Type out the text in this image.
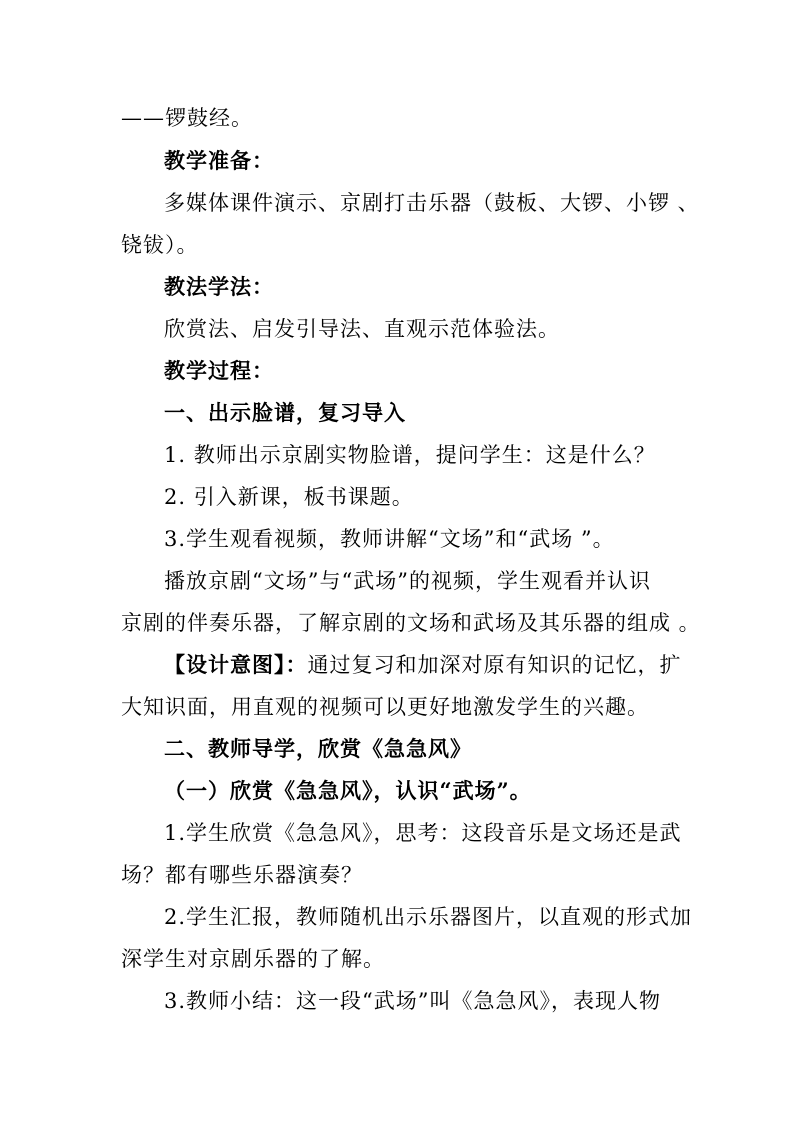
——锣鼓经。
教学准备：
多媒体课件演示、京剧打击乐器（鼓板、大锣、小锣 、
铙钹）。
教法学法：
欣赏法、启发引导法、直观示范体验法。
教学过程：
一、出示脸谱，复习导入
1. 教师出示京剧实物脸谱，提问学生：这是什么？
2. 引入新课，板书课题。
3.学生观看视频，教师讲解“文场”和“武场 ”。
播放京剧“文场”与“武场”的视频，学生观看并认识
京剧的伴奏乐器，了解京剧的文场和武场及其乐器的组成 。
【设计意图】：通过复习和加深对原有知识的记忆，扩
大知识面，用直观的视频可以更好地激发学生的兴趣。
二、教师导学，欣赏《急急风》
（一）欣赏《急急风》，认识“武场”。
1.学生欣赏《急急风》，思考：这段音乐是文场还是武
场？都有哪些乐器演奏？
2.学生汇报，教师随机出示乐器图片，以直观的形式加
深学生对京剧乐器的了解。
3.教师小结：这一段“武场”叫《急急风》，表现人物
